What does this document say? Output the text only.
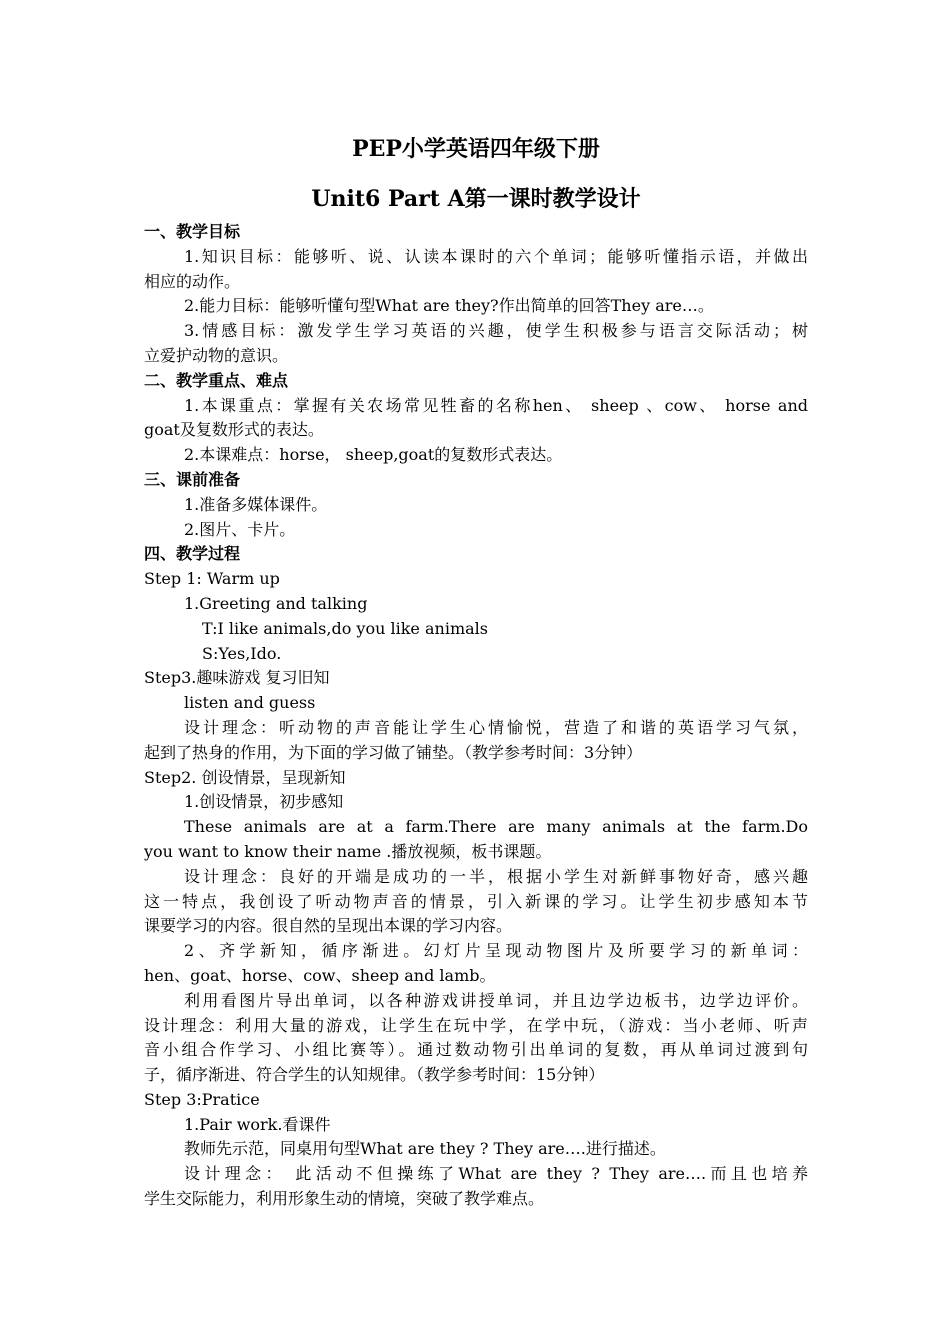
PEP小学英语四年级下册
Unit6 Part A第一课时教学设计
一、教学目标
1.知识目标：能够听、说、认读本课时的六个单词；能够听懂指示语，并做出
相应的动作。
2.能力目标：能够听懂句型What are they?作出简单的回答They are…。
3.情感目标：激发学生学习英语的兴趣，使学生积极参与语言交际活动；树
立爱护动物的意识。
二、教学重点、难点
1.本课重点：掌握有关农场常见牲畜的名称hen、 sheep 、cow、 horse and
goat及复数形式的表达。
2.本课难点：horse， sheep,goat的复数形式表达。
三、课前准备
1.准备多媒体课件。
2.图片、卡片。
四、教学过程
Step 1: Warm up
1.Greeting and talking
T:I like animals,do you like animals
S:Yes,Ido.
Step3.趣味游戏 复习旧知
listen and guess
设计理念：听动物的声音能让学生心情愉悦，营造了和谐的英语学习气氛，
起到了热身的作用，为下面的学习做了铺垫。（教学参考时间：3分钟）
Step2. 创设情景，呈现新知
1.创设情景，初步感知
These animals are at a farm.There are many animals at the farm.Do
you want to know their name .播放视频，板书课题。
设计理念：良好的开端是成功的一半，根据小学生对新鲜事物好奇，感兴趣
这一特点，我创设了听动物声音的情景，引入新课的学习。让学生初步感知本节
课要学习的内容。很自然的呈现出本课的学习内容。
2、齐学新知，循序渐进。幻灯片呈现动物图片及所要学习的新单词：
hen、goat、horse、cow、sheep and lamb。
利用看图片导出单词，以各种游戏讲授单词，并且边学边板书，边学边评价。
设计理念：利用大量的游戏，让学生在玩中学，在学中玩，（游戏：当小老师、听声
音小组合作学习、小组比赛等）。通过数动物引出单词的复数，再从单词过渡到句
子，循序渐进、符合学生的认知规律。（教学参考时间：15分钟）
Step 3:Pratice
1.Pair work.看课件
教师先示范，同桌用句型What are they ? They are….进行描述。
设计理念： 此活动不但操练了What are they ? They are….而且也培养
学生交际能力，利用形象生动的情境，突破了教学难点。
